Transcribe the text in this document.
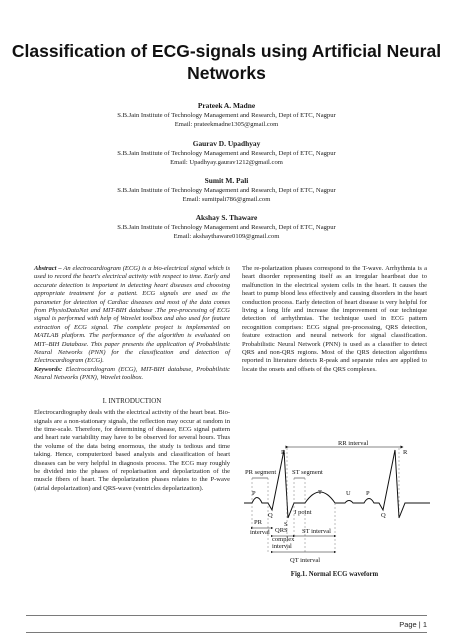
Classification of ECG-signals using Artificial Neural Networks
Prateek A. Madne
S.B.Jain Institute of Technology Management and Research, Dept of ETC, Nagpur
Email: prateekmadne1305@gmail.com
Gaurav D. Upadhyay
S.B.Jain Institute of Technology Management and Research, Dept of ETC, Nagpur
Email: Upadhyay.gaurav1212@gmail.com
Sumit M. Pali
S.B.Jain Institute of Technology Management and Research, Dept of ETC, Nagpur
Email: sumitpali786@gmail.com
Akshay S. Thaware
S.B.Jain Institute of Technology Management and Research, Dept of ETC, Nagpur
Email: akshaythaware0109@gmail.com

Abstract – An electrocardiogram (ECG) is a bio-electrical signal which is used to record the heart's electrical activity with respect to time. Early and accurate detection is important in detecting heart diseases and choosing appropriate treatment for a patient. ECG signals are used as the parameter for detection of Cardiac diseases and most of the data comes from PhysioDataNet and MIT-BIH database .The pre-processing of ECG signal is performed with help of Wavelet toolbox and also used for feature extraction of ECG signal. The complete project is implemented on MATLAB platform. The performance of the algorithm is evaluated on MIT–BIH Database. This paper presents the application of Probabilistic Neural Networks (PNN) for the classification and detection of Electrocardiogram (ECG).

Keywords: Electrocardiogram (ECG), MIT-BIH database, Probabilistic Neural Networks (PNN), Wavelet toolbox.

I. INTRODUCTION

Electrocardiography deals with the electrical activity of the heart beat. Bio-signals are a non-stationary signals, the reflection may occur at random in the time-scale. Therefore, for determining of disease, ECG signal pattern and heart rate variability may have to be observed for several hours. Thus the volume of the data being enormous, the study is tedious and time taking. Hence, computerized based analysis and classification of heart diseases can be very helpful in diagnosis process. The ECG may roughly be divided into the phases of repolarisation and depolarization of the muscle fibers of heart. The depolarization phases relates to the P-wave (atrial depolarization) and QRS-wave (ventricles depolarization).

The re-polarization phases correspond to the T-wave. Arrhythmia is a heart disorder representing itself as an irregular heartbeat due to malfunction in the electrical system cells in the heart. It causes the heart to pump blood less effectively and causing disorders in the heart conduction process. Early detection of heart disease is very helpful for living a long life and increase the improvement of our technique detection of arrhythmias. The technique used in ECG pattern recognition comprises: ECG signal pre-processing, QRS detection, feature extraction and neural network for signal classification. Probabilistic Neural Network (PNN) is used as a classifier to detect QRS and non-QRS regions. Most of the QRS detection algorithms reported in literature detects R-peak and separate rules are applied to locate the onsets and offsets of the QRS complexes.

RR interval
R	R
PR segment ST segment
P	T	U P
Q	Q
S
J point
PR
interval QRS
complex
interval
ST interval
QT interval
Fig.1. Normal ECG waveform
Page | 1
